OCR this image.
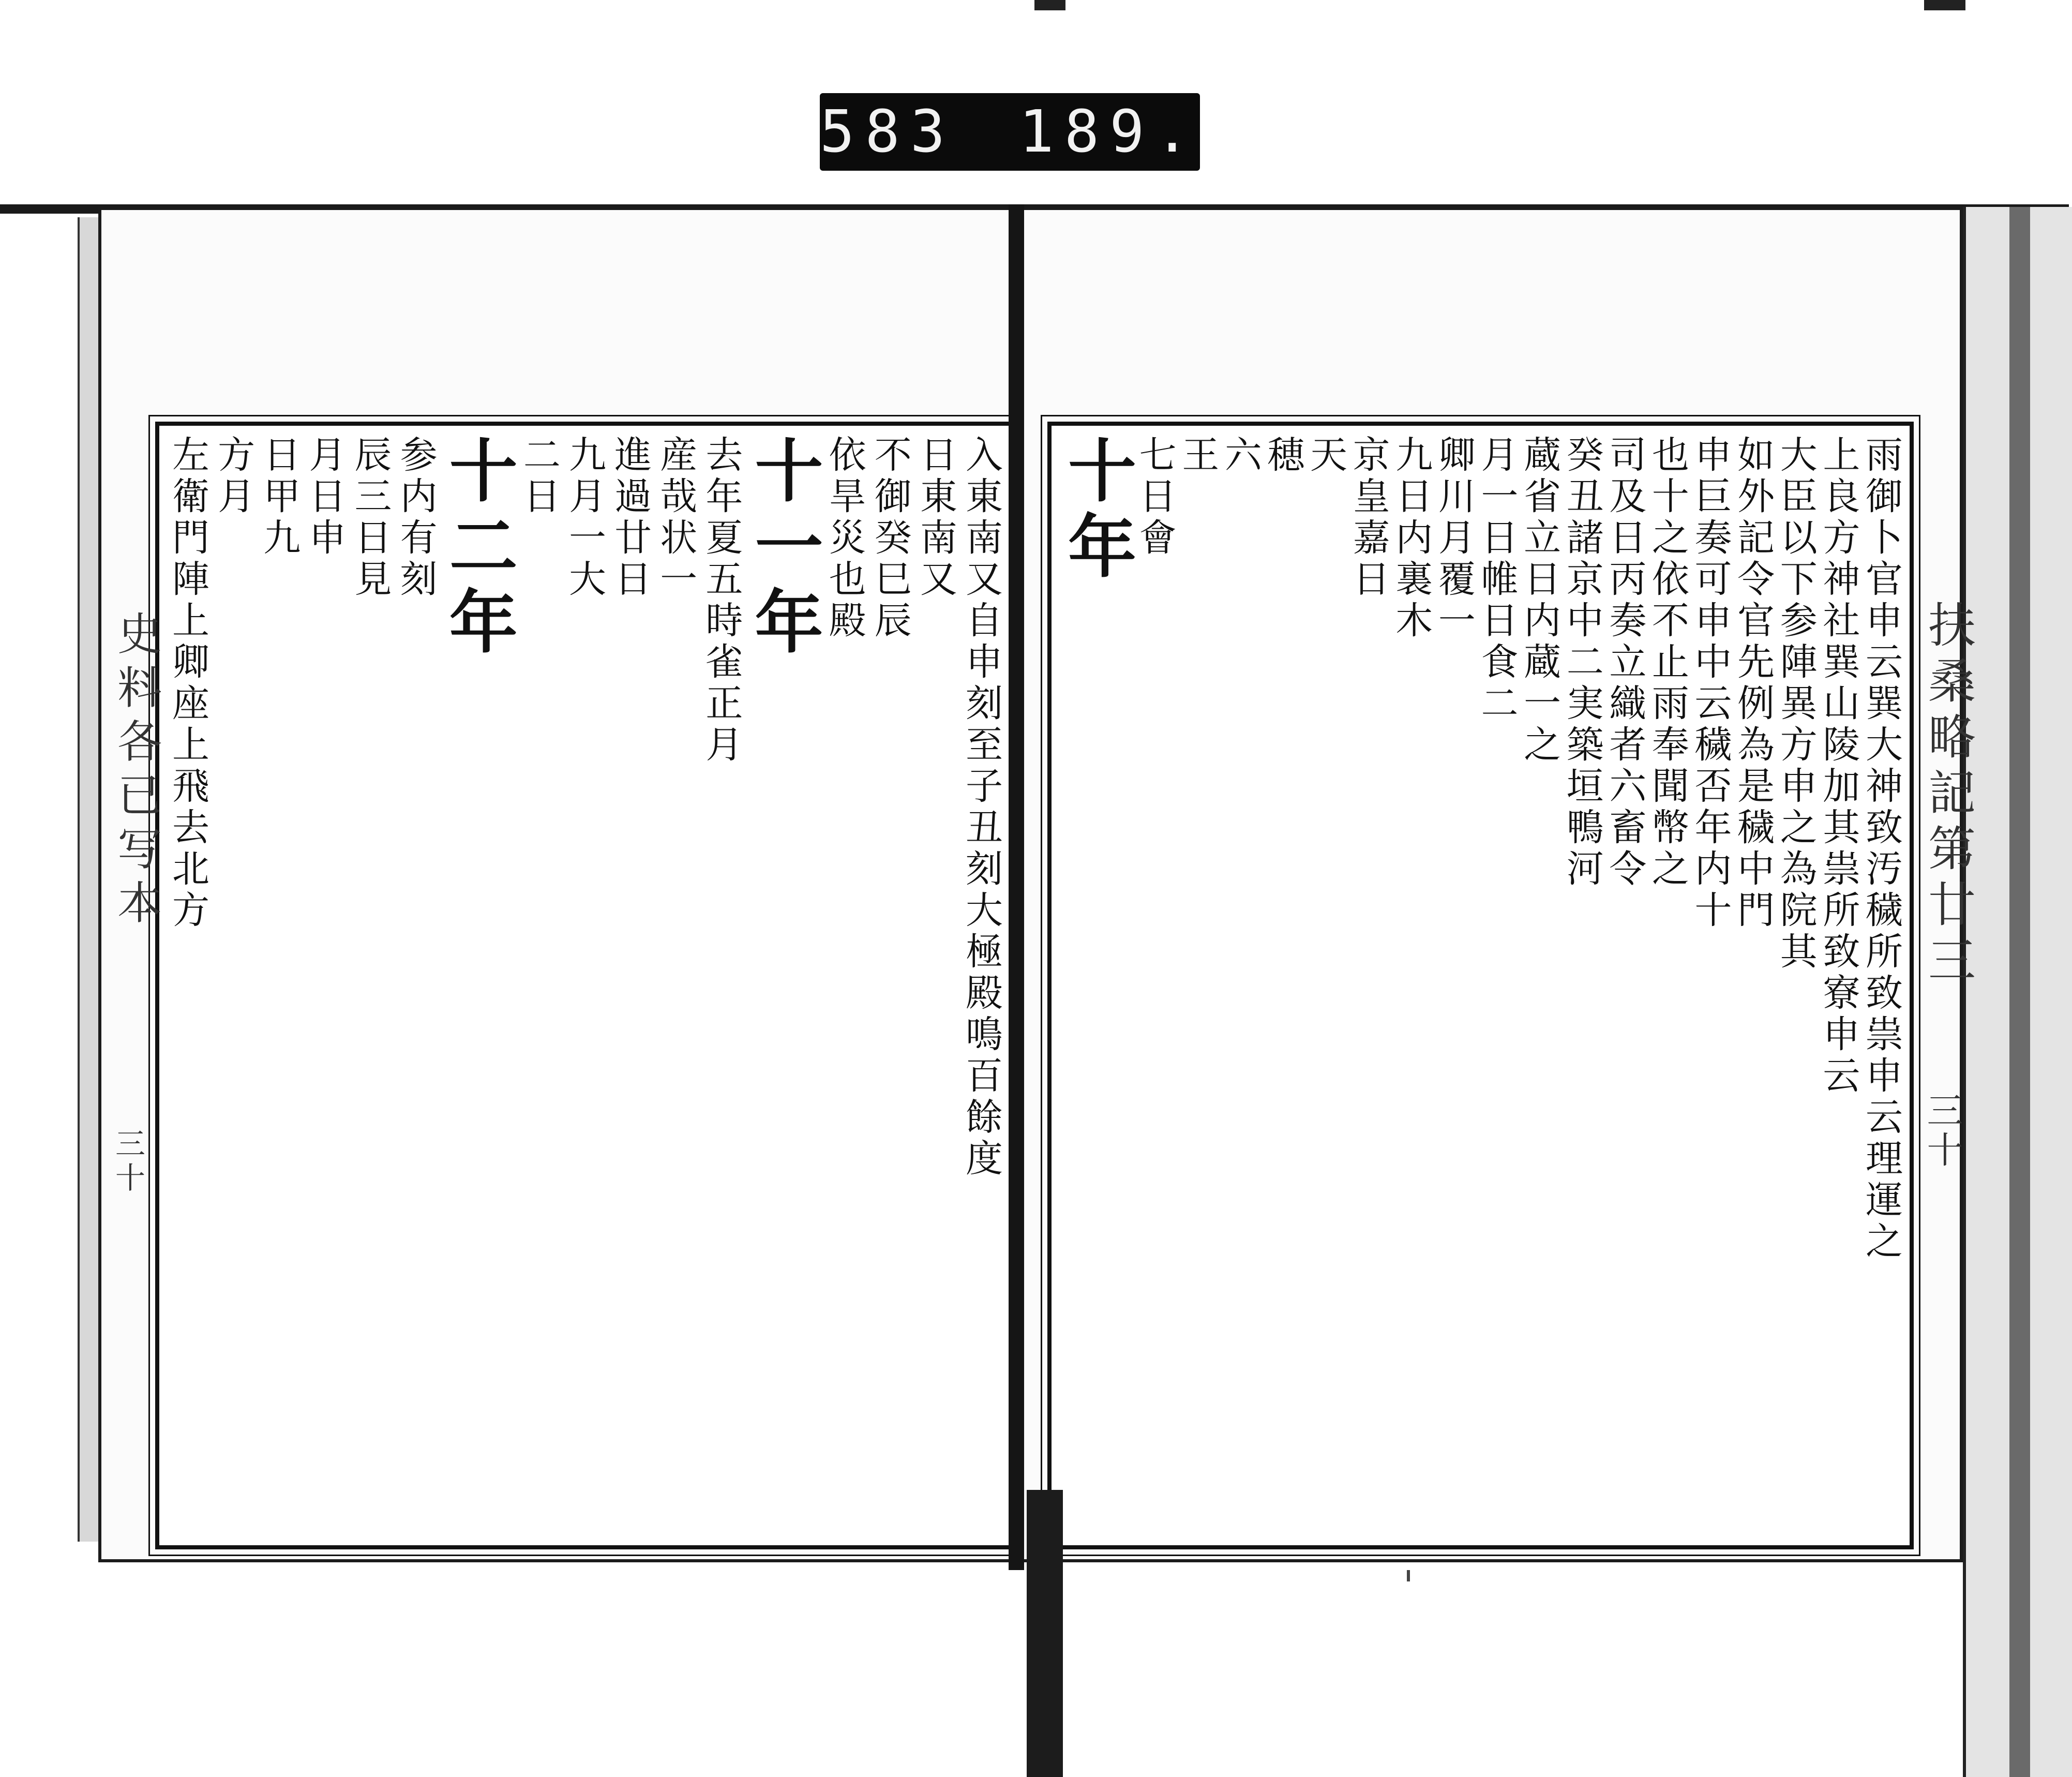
583 189.
入東南又自申刻至子丑刻大極殿鳴百餘度
日東南又
不御癸巳辰
依旱災也殿
十一年
去年夏五時雀正月
産哉状一
進過廿日
九月一大
二日
十二年
参内有刻
辰三日見
月日申
日甲九
方月
左衛門陣上卿座上飛去北方
史料各已写本
三十	雨御卜官申云巽大神致汚穢所致祟申云理運之
上良方神社巽山陵加其祟所致寮申云
大臣以下参陣異方申之為院其
如外記令官先例為是穢中門
申巨奏可申中云穢否年内十
也十之依不止雨奉聞幣之
司及日丙奏立織者六畜令
癸丑諸京中二実築垣鴨河
蔵省立日内蔵一之
月一日帷日食二
卿川月覆一
九日内裏木
京皇嘉日
天
穂
六
王
七日會
十年
扶桑略記第廿三
三十
